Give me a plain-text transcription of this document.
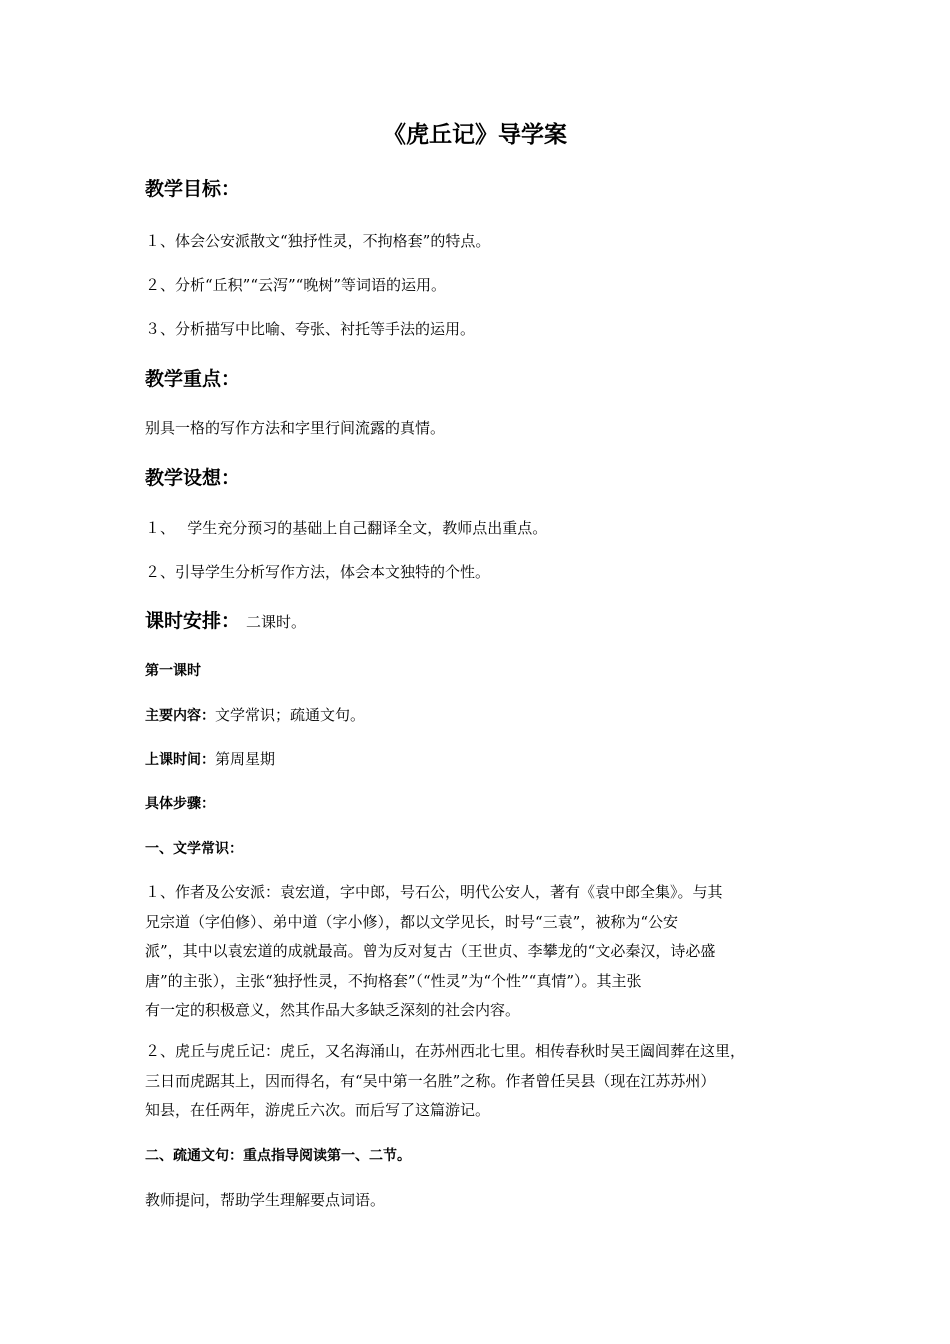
《虎丘记》导学案
教学目标：
１、体会公安派散文“独抒性灵，不拘格套”的特点。
２、分析“丘积”“云泻”“晚树”等词语的运用。
３、分析描写中比喻、夸张、衬托等手法的运用。
教学重点：
别具一格的写作方法和字里行间流露的真情。
教学设想：
１、　 学生充分预习的基础上自己翻译全文，教师点出重点。
２、引导学生分析写作方法，体会本文独特的个性。
课时安排： 二课时。
第一课时
主要内容：文学常识；疏通文句。
上课时间：第周星期
具体步骤：
一、文学常识：
１、作者及公安派：袁宏道，字中郎，号石公，明代公安人，著有《袁中郎全集》。与其
兄宗道（字伯修）、弟中道（字小修），都以文学见长，时号“三袁”，被称为“公安
派”，其中以袁宏道的成就最高。曾为反对复古（王世贞、李攀龙的“文必秦汉，诗必盛
唐”的主张），主张“独抒性灵，不拘格套”（“性灵”为“个性”“真情”）。其主张
有一定的积极意义，然其作品大多缺乏深刻的社会内容。
２、虎丘与虎丘记：虎丘，又名海涌山，在苏州西北七里。相传春秋时吴王阖闾葬在这里，
三日而虎踞其上，因而得名，有“吴中第一名胜”之称。作者曾任吴县（现在江苏苏州）
知县，在任两年，游虎丘六次。而后写了这篇游记。
二、疏通文句：重点指导阅读第一、二节。
教师提问，帮助学生理解要点词语。
